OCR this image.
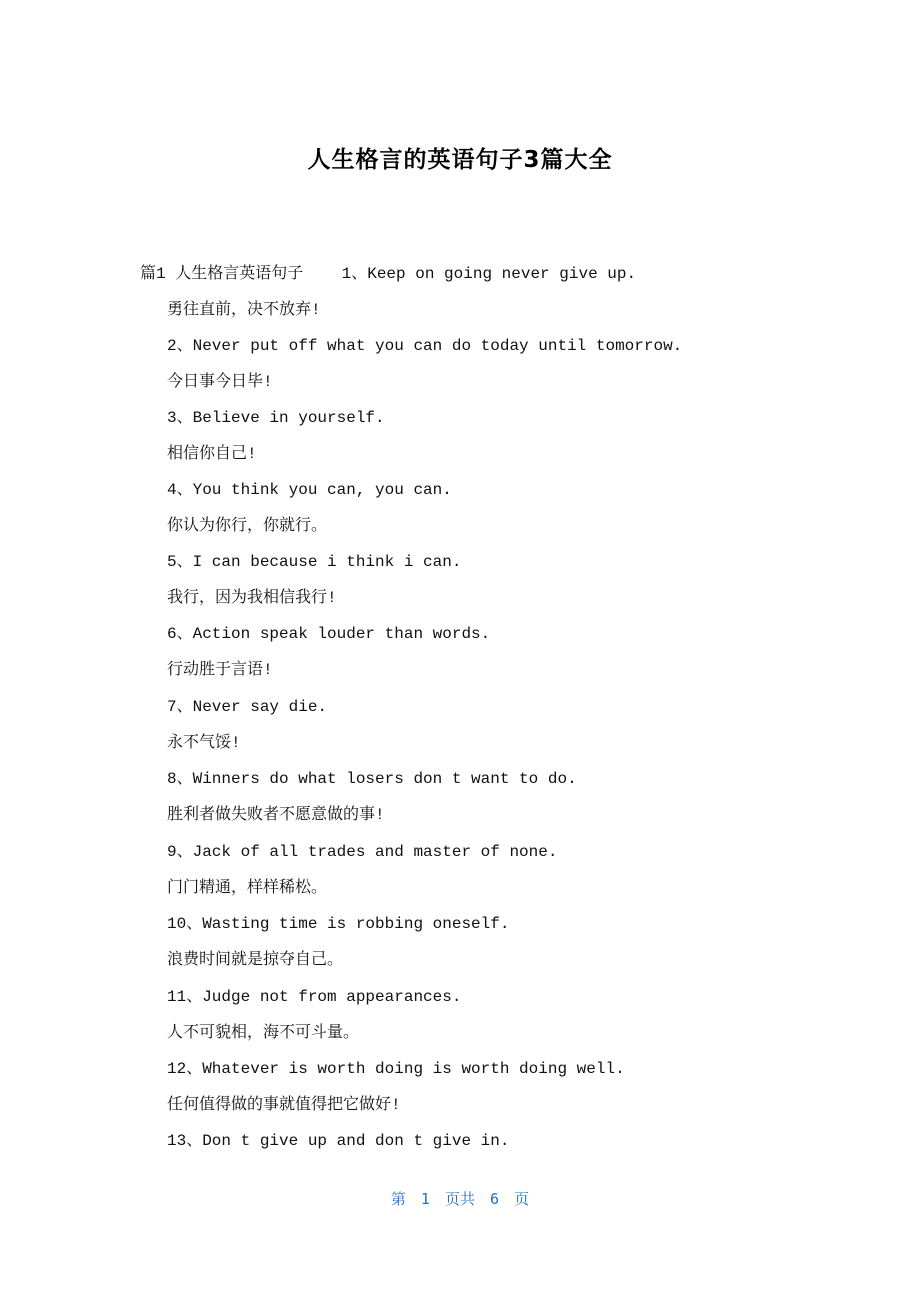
人生格言的英语句子3篇大全
篇1 人生格言英语句子 1、Keep on going never give up.
勇往直前，决不放弃!
2、Never put off what you can do today until tomorrow.
今日事今日毕!
3、Believe in yourself.
相信你自己!
4、You think you can, you can.
你认为你行，你就行。
5、I can because i think i can.
我行，因为我相信我行!
6、Action speak louder than words.
行动胜于言语!
7、Never say die.
永不气馁!
8、Winners do what losers don t want to do.
胜利者做失败者不愿意做的事!
9、Jack of all trades and master of none.
门门精通，样样稀松。
10、Wasting time is robbing oneself.
浪费时间就是掠夺自己。
11、Judge not from appearances.
人不可貌相，海不可斗量。
12、Whatever is worth doing is worth doing well.
任何值得做的事就值得把它做好!
13、Don t give up and don t give in.
第 1 页共 6 页
